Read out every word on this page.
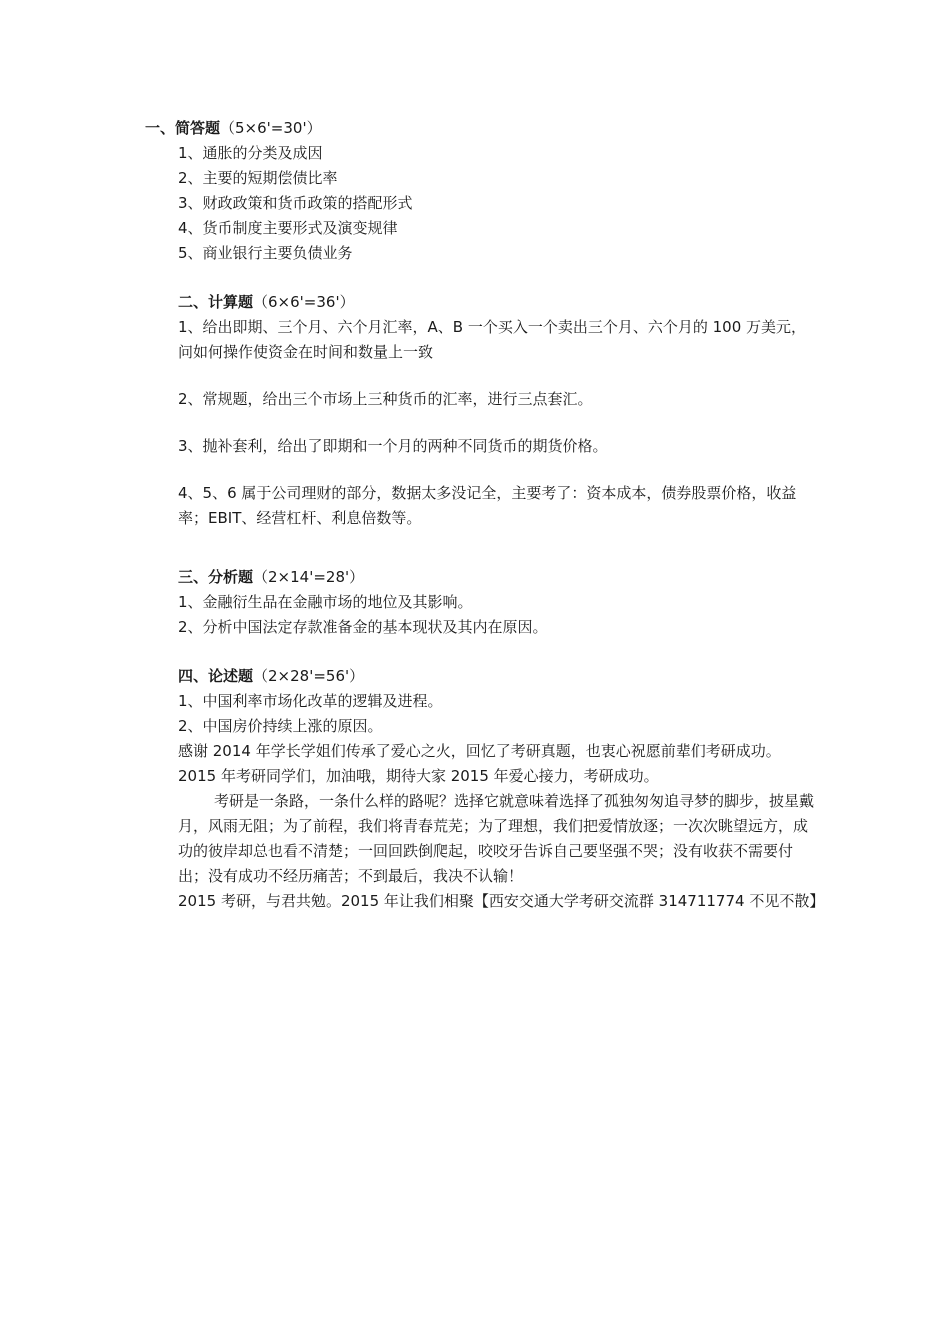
一、简答题（5×6'=30'）
1、通胀的分类及成因
2、主要的短期偿债比率
3、财政政策和货币政策的搭配形式
4、货币制度主要形式及演变规律
5、商业银行主要负债业务
二、计算题（6×6'=36'）
1、给出即期、三个月、六个月汇率，A、B 一个买入一个卖出三个月、六个月的 100 万美元，问如何操作使资金在时间和数量上一致
2、常规题，给出三个市场上三种货币的汇率，进行三点套汇。
3、抛补套利，给出了即期和一个月的两种不同货币的期货价格。
4、5、6 属于公司理财的部分，数据太多没记全，主要考了：资本成本，债券股票价格，收益率；EBIT、经营杠杆、利息倍数等。
三、分析题（2×14'=28'）
1、金融衍生品在金融市场的地位及其影响。
2、分析中国法定存款准备金的基本现状及其内在原因。
四、论述题（2×28'=56'）
1、中国利率市场化改革的逻辑及进程。
2、中国房价持续上涨的原因。
感谢 2014 年学长学姐们传承了爱心之火，回忆了考研真题，也衷心祝愿前辈们考研成功。2015 年考研同学们，加油哦，期待大家 2015 年爱心接力，考研成功。
考研是一条路，一条什么样的路呢？选择它就意味着选择了孤独匆匆追寻梦的脚步，披星戴月，风雨无阻；为了前程，我们将青春荒芜；为了理想，我们把爱情放逐；一次次眺望远方，成功的彼岸却总也看不清楚；一回回跌倒爬起，咬咬牙告诉自己要坚强不哭；没有收获不需要付出；没有成功不经历痛苦；不到最后，我决不认输！
2015 考研，与君共勉。2015 年让我们相聚【西安交通大学考研交流群 314711774 不见不散】
